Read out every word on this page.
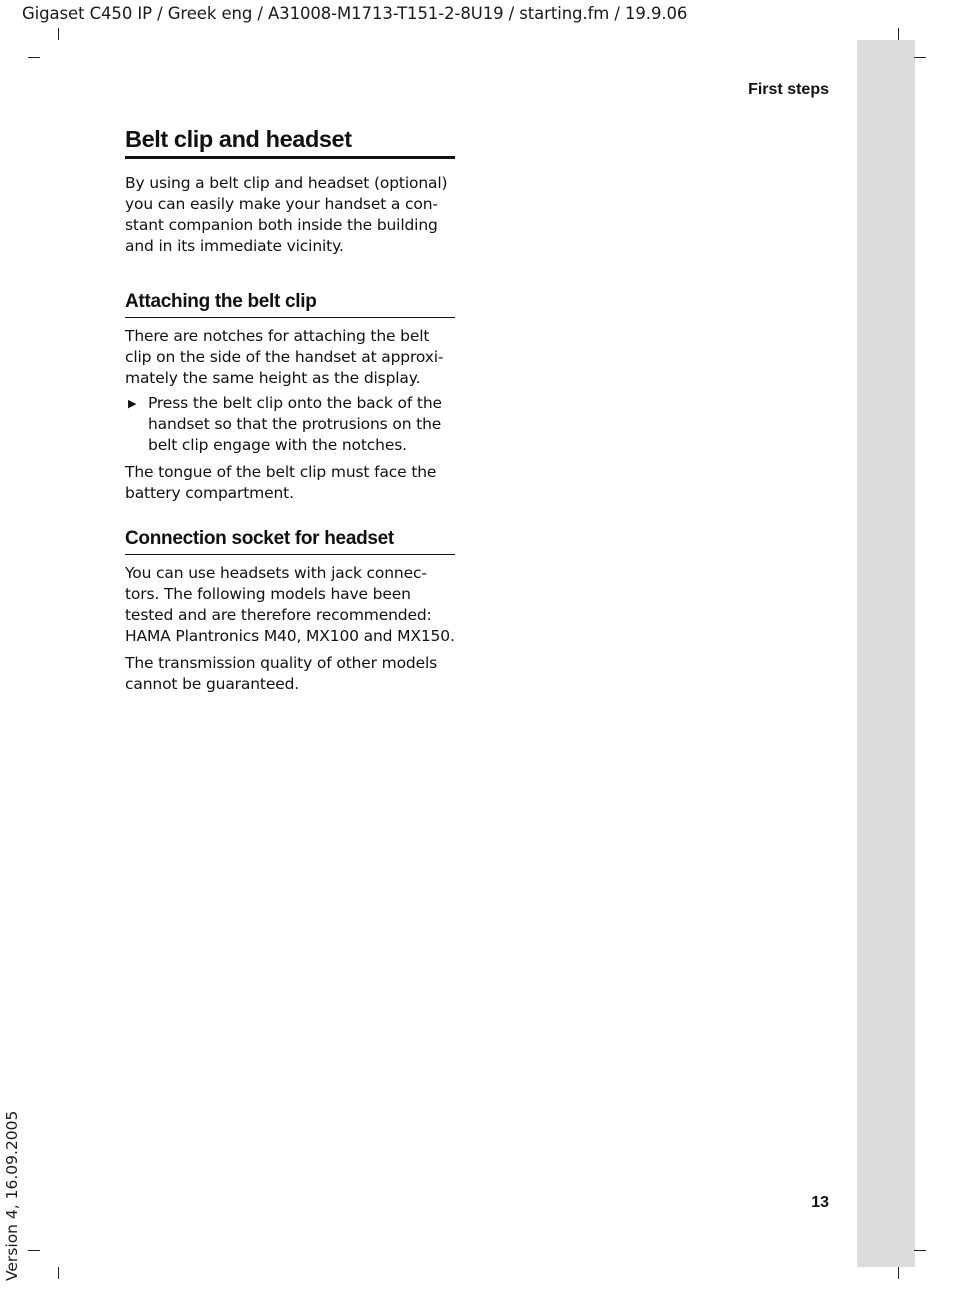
Gigaset C450 IP / Greek eng / A31008-M1713-T151-2-8U19 / starting.fm / 19.9.06
First steps
Belt clip and headset

By using a belt clip and headset (optional) you can easily make your handset a con-stant companion both inside the building and in its immediate vicinity.

Attaching the belt clip

There are notches for attaching the belt clip on the side of the handset at approxi-mately the same height as the display.

▶ Press the belt clip onto the back of the handset so that the protrusions on the belt clip engage with the notches.

The tongue of the belt clip must face the battery compartment.

Connection socket for headset

You can use headsets with jack connec-tors. The following models have been tested and are therefore recommended: HAMA Plantronics M40, MX100 and MX150.

The transmission quality of other models cannot be guaranteed.

13
Version 4, 16.09.2005
